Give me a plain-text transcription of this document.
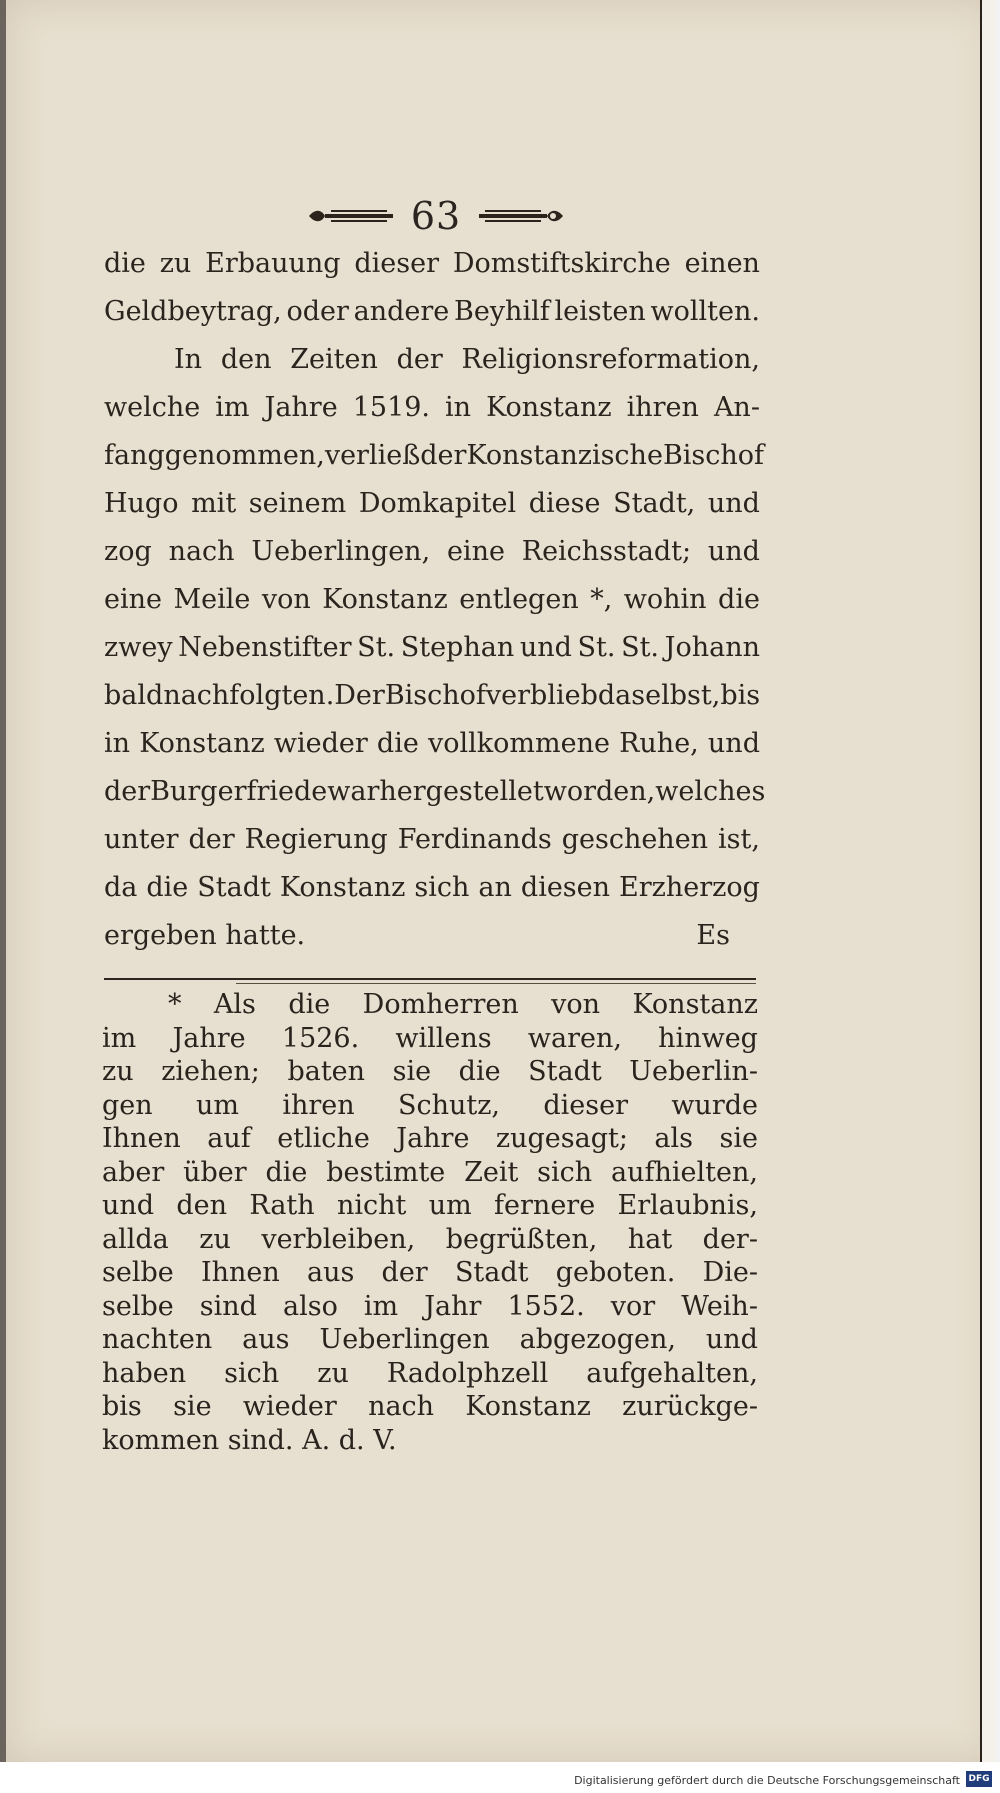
63
die zu Erbauung dieser Domstiftskirche einen
Geldbeytrag, oder andere Beyhilf leisten wollten.
In den Zeiten der Religionsreformation,
welche im Jahre 1519. in Konstanz ihren An-
fang genommen, verließ der Konstanzische Bischof
Hugo mit seinem Domkapitel diese Stadt, und
zog nach Ueberlingen, eine Reichsstadt; und
eine Meile von Konstanz entlegen *, wohin die
zwey Nebenstifter St. Stephan und St. St. Johann
bald nachfolgten. Der Bischof verblieb daselbst, bis
in Konstanz wieder die vollkommene Ruhe, und
der Burgerfriede war hergestellet worden, welches
unter der Regierung Ferdinands geschehen ist,
da die Stadt Konstanz sich an diesen Erzherzog
ergeben hatte.	Es
* Als die Domherren von Konstanz
im Jahre 1526. willens waren, hinweg
zu ziehen; baten sie die Stadt Ueberlin-
gen um ihren Schutz, dieser wurde
Ihnen auf etliche Jahre zugesagt; als sie
aber über die bestimte Zeit sich aufhielten,
und den Rath nicht um fernere Erlaubnis,
allda zu verbleiben, begrüßten, hat der-
selbe Ihnen aus der Stadt geboten. Die-
selbe sind also im Jahr 1552. vor Weih-
nachten aus Ueberlingen abgezogen, und
haben sich zu Radolphzell aufgehalten,
bis sie wieder nach Konstanz zurückge-
kommen sind. A. d. V.
Digitalisierung gefördert durch die Deutsche Forschungsgemeinschaft DFG
